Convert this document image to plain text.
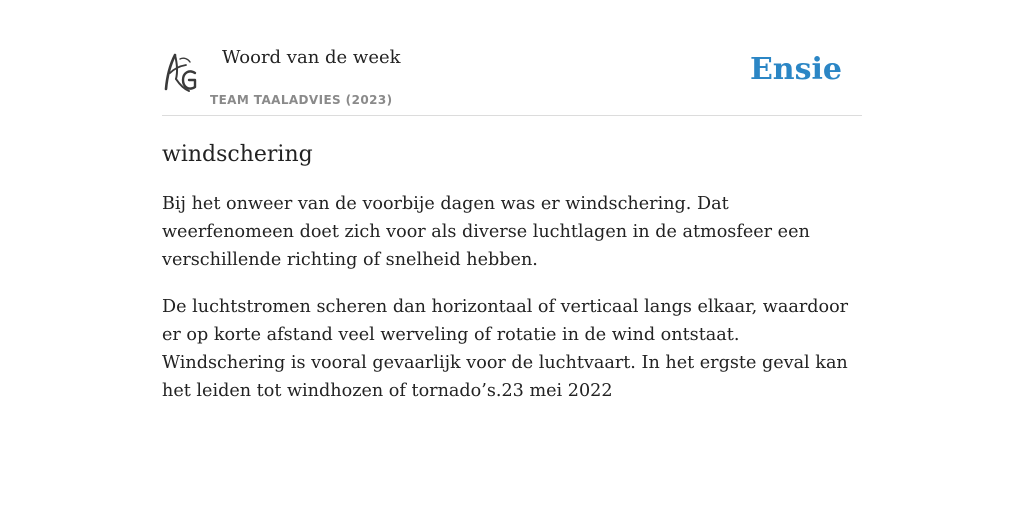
Woord van de week
TEAM TAALADVIES (2023)
Ensie
windschering

Bij het onweer van de voorbije dagen was er windschering. Dat weerfenomeen doet zich voor als diverse luchtlagen in de atmosfeer een verschillende richting of snelheid hebben.

De luchtstromen scheren dan horizontaal of verticaal langs elkaar, waardoor er op korte afstand veel werveling of rotatie in de wind ontstaat. Windschering is vooral gevaarlijk voor de luchtvaart. In het ergste geval kan het leiden tot windhozen of tornado’s.23 mei 2022
